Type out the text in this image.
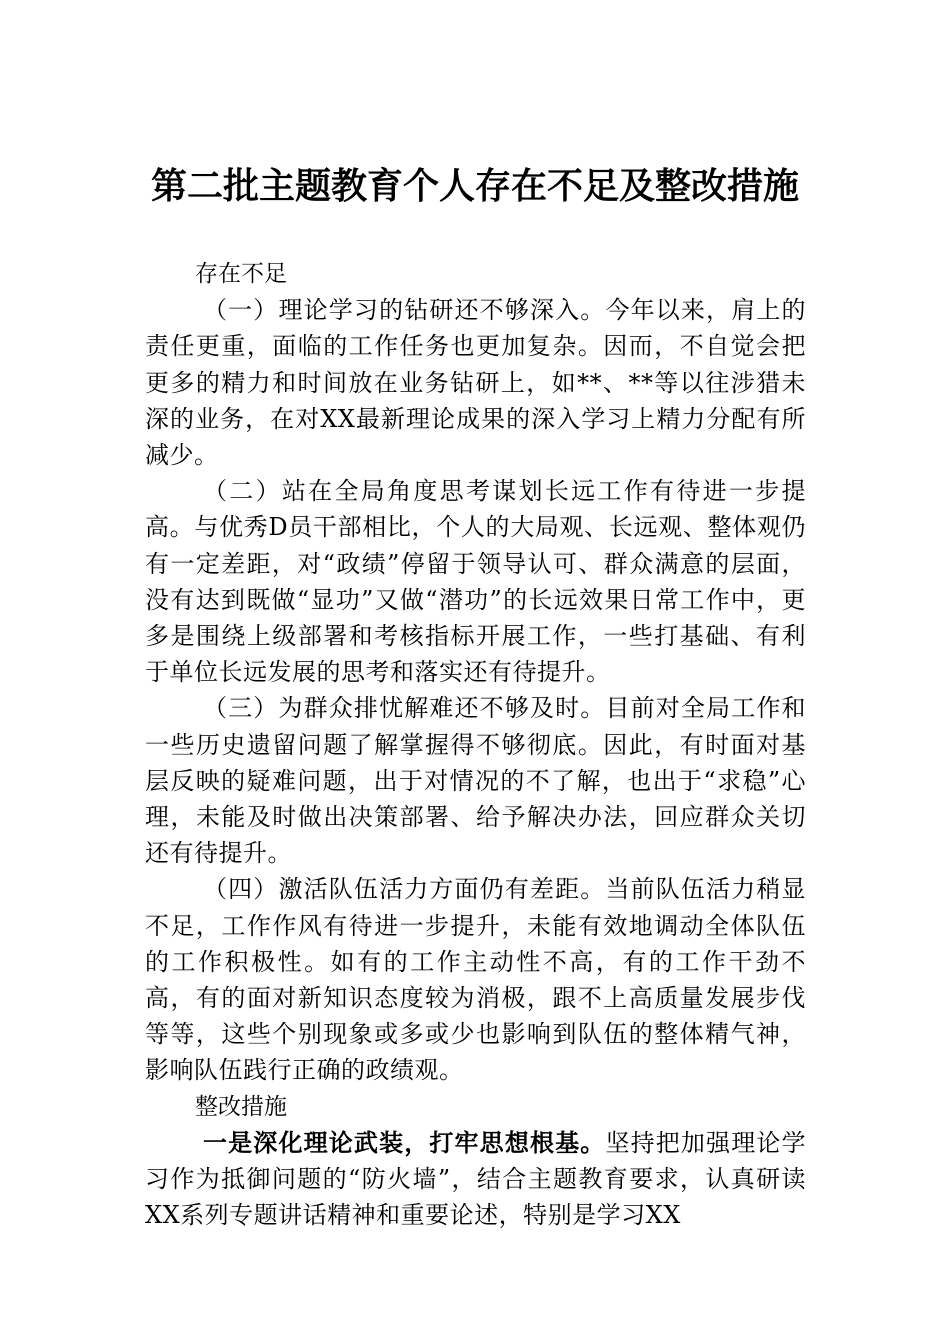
第二批主题教育个人存在不足及整改措施

存在不足

（一）理论学习的钻研还不够深入。今年以来，肩上的责任更重，面临的工作任务也更加复杂。因而，不自觉会把更多的精力和时间放在业务钻研上，如**、**等以往涉猎未深的业务，在对XX最新理论成果的深入学习上精力分配有所减少。

（二）站在全局角度思考谋划长远工作有待进一步提高。与优秀D员干部相比，个人的大局观、长远观、整体观仍有一定差距，对“政绩”停留于领导认可、群众满意的层面，没有达到既做“显功”又做“潜功”的长远效果日常工作中，更多是围绕上级部署和考核指标开展工作，一些打基础、有利于单位长远发展的思考和落实还有待提升。

（三）为群众排忧解难还不够及时。目前对全局工作和一些历史遗留问题了解掌握得不够彻底。因此，有时面对基层反映的疑难问题，出于对情况的不了解，也出于“求稳”心理，未能及时做出决策部署、给予解决办法，回应群众关切还有待提升。

（四）激活队伍活力方面仍有差距。当前队伍活力稍显不足，工作作风有待进一步提升，未能有效地调动全体队伍的工作积极性。如有的工作主动性不高，有的工作干劲不高，有的面对新知识态度较为消极，跟不上高质量发展步伐等等，这些个别现象或多或少也影响到队伍的整体精气神，影响队伍践行正确的政绩观。

整改措施

一是深化理论武装，打牢思想根基。坚持把加强理论学习作为抵御问题的“防火墙”，结合主题教育要求，认真研读XX系列专题讲话精神和重要论述，特别是学习XX
